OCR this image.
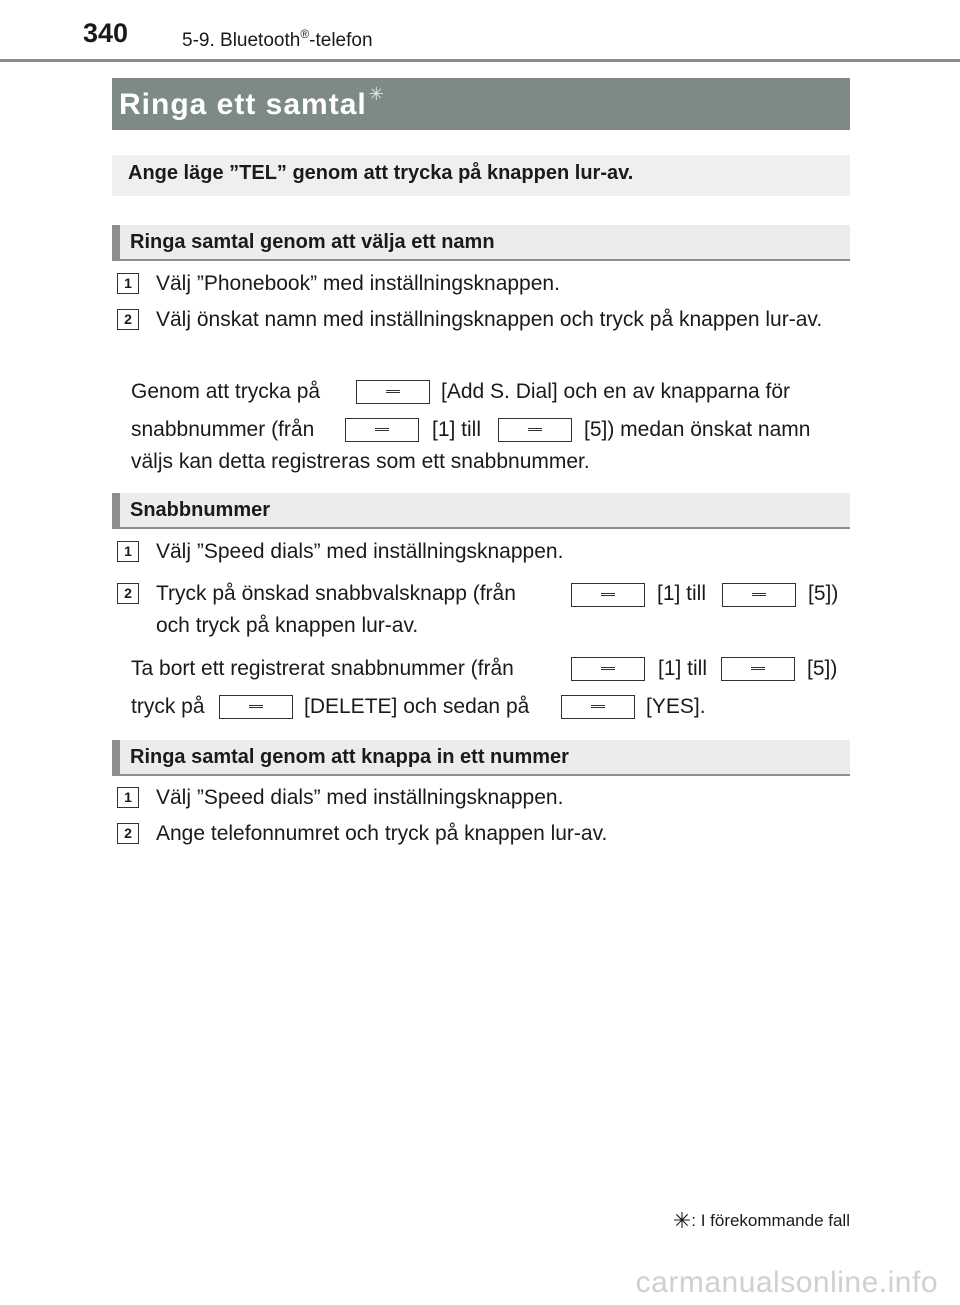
340	5-9. Bluetooth®-telefon
Ringa ett samtal ✳
Ange läge ”TEL” genom att trycka på knappen lur-av.
Ringa samtal genom att välja ett namn
1	Välj ”Phonebook” med inställningsknappen.
2	Välj önskat namn med inställningsknappen och tryck på knappen lur-av.
Genom att trycka på	[Add S. Dial] och en av knapparna för
snabbnummer (från	[1] till	[5]) medan önskat namn
väljs kan detta registreras som ett snabbnummer.
Snabbnummer
1	Välj ”Speed dials” med inställningsknappen.
2	Tryck på önskad snabbvalsknapp (från	[1] till	[5])
och tryck på knappen lur-av.
Ta bort ett registrerat snabbnummer (från	[1] till	[5])
tryck på	[DELETE] och sedan på	[YES].
Ringa samtal genom att knappa in ett nummer
1	Välj ”Speed dials” med inställningsknappen.
2	Ange telefonnumret och tryck på knappen lur-av.
✳: I förekommande fall
carmanualsonline.info
